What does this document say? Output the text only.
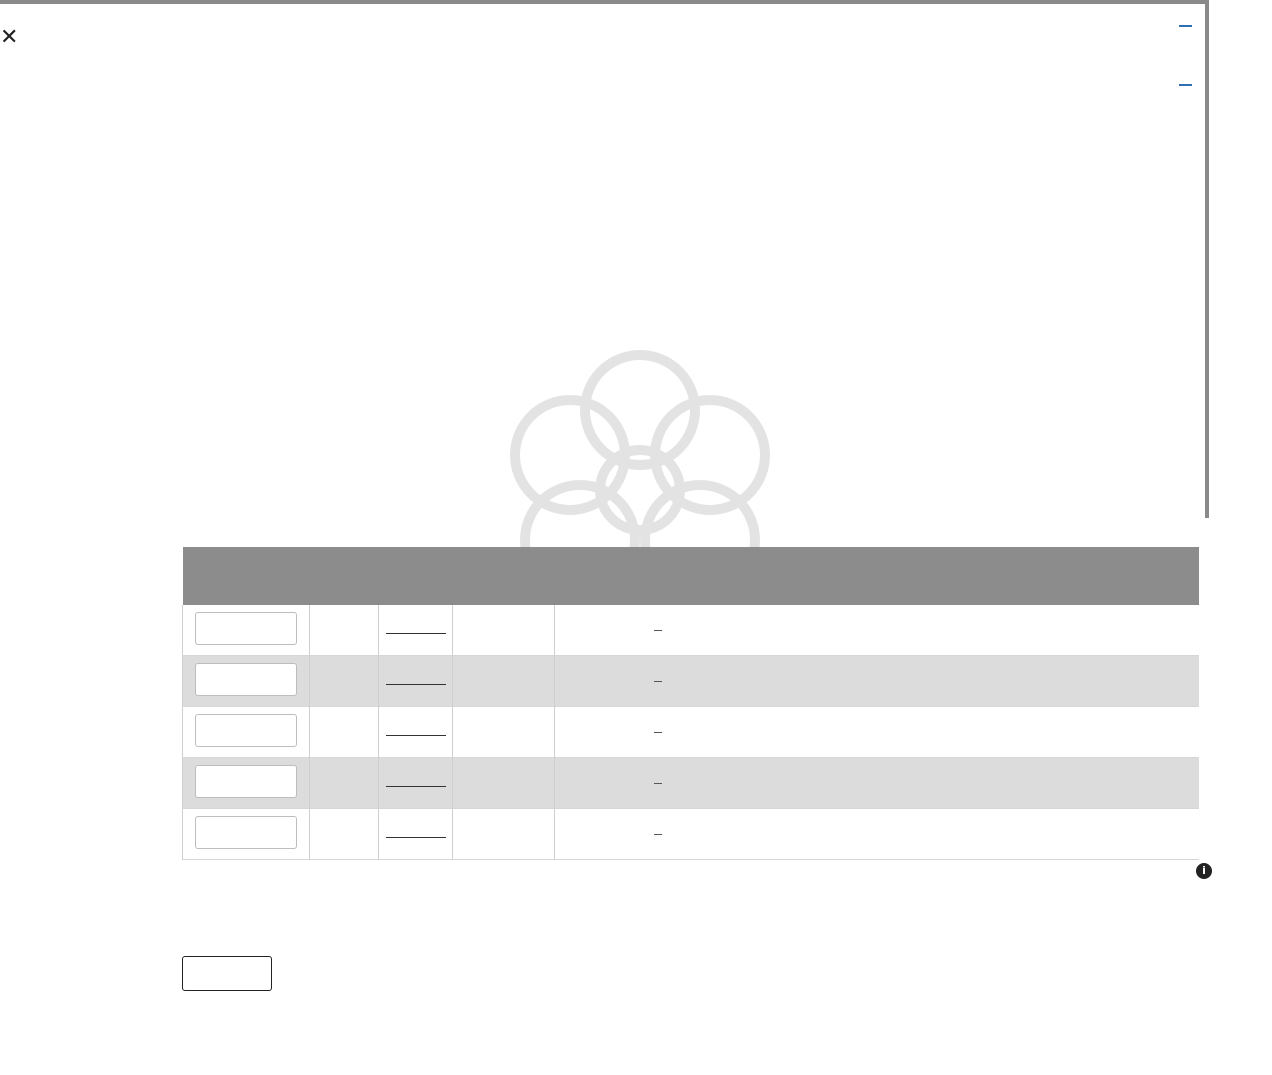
✕

i
